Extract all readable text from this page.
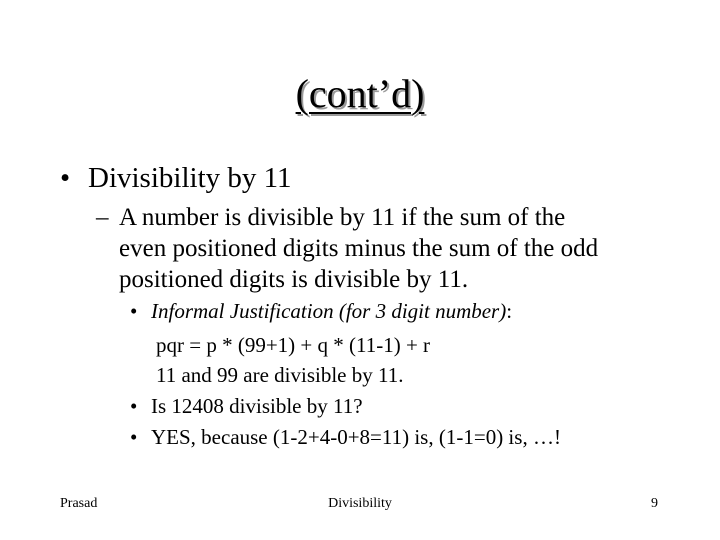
(cont’d)
• Divisibility by 11
– A number is divisible by 11 if the sum of the
even positioned digits minus the sum of the odd
positioned digits is divisible by 11.
• Informal Justification (for 3 digit number):
pqr = p * (99+1) + q * (11-1) + r
11 and 99 are divisible by 11.
• Is 12408 divisible by 11?
• YES, because (1-2+4-0+8=11) is, (1-1=0) is, …!
Prasad	Divisibility	9
